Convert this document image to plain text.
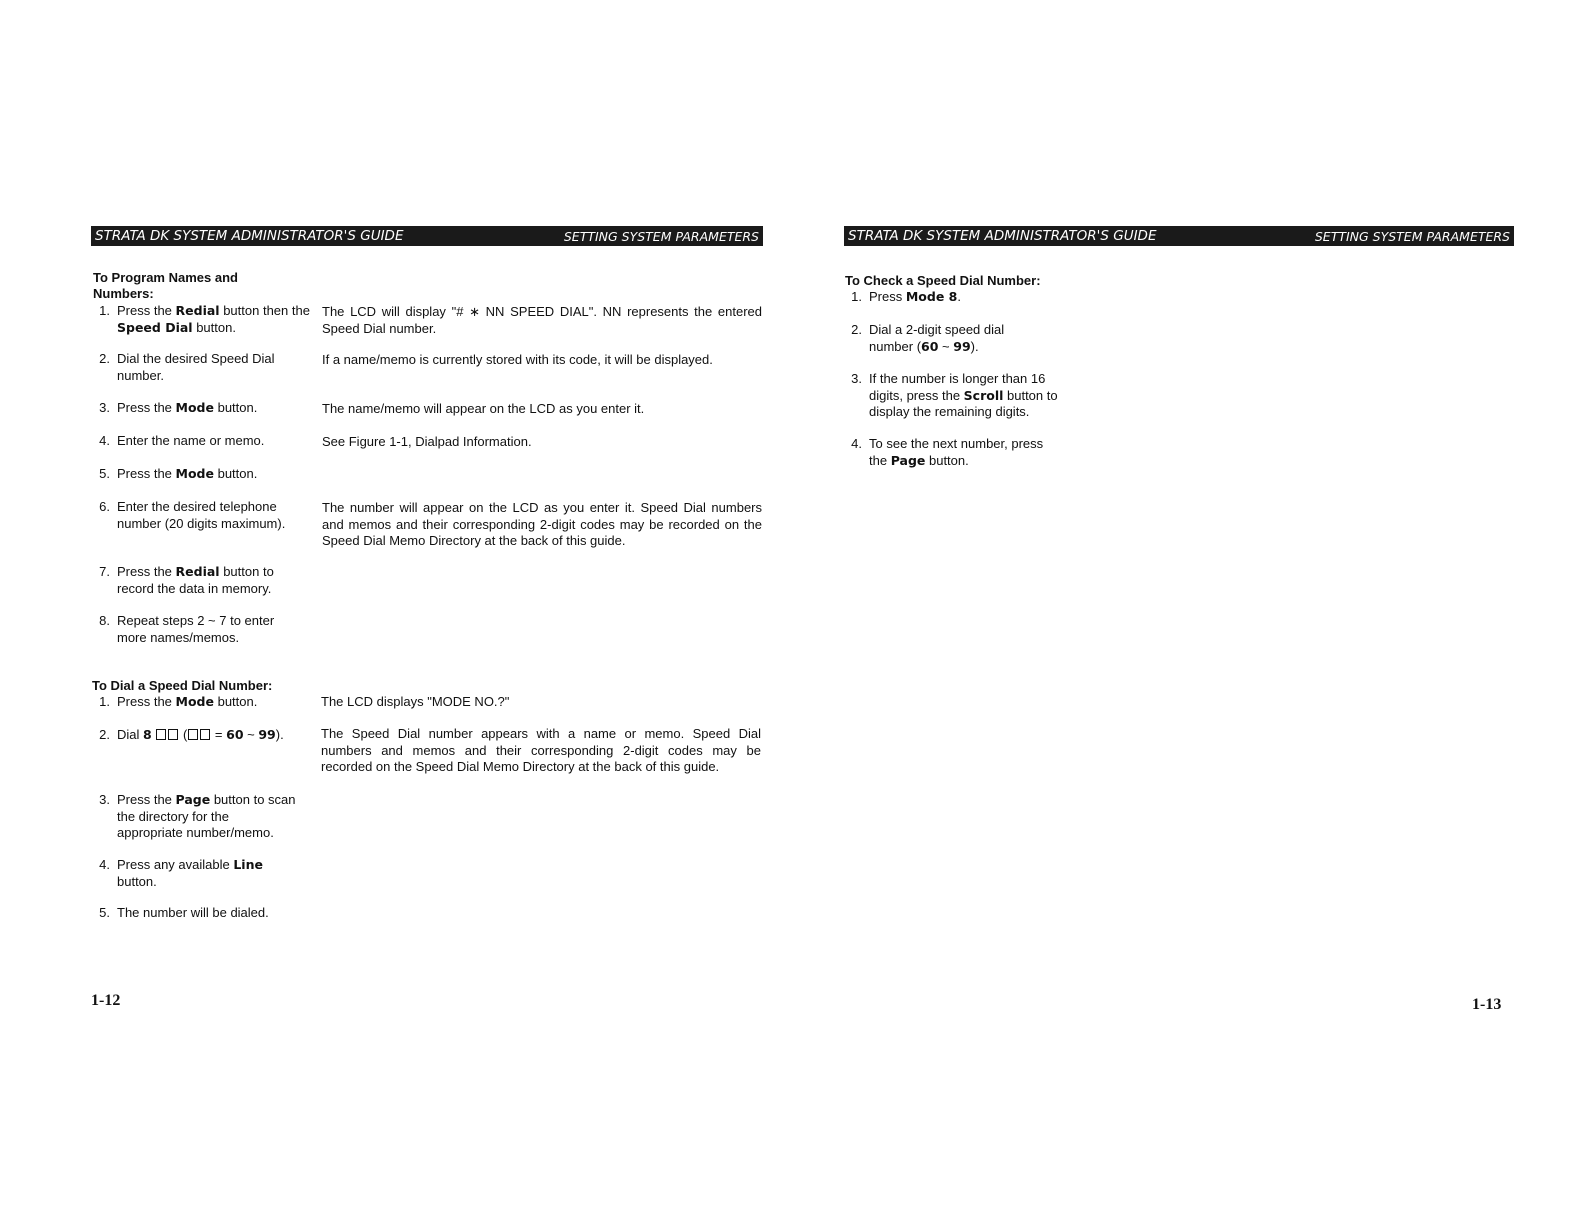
STRATA DK SYSTEM ADMINISTRATOR'S GUIDE	SETTING SYSTEM PARAMETERS
To Program Names and
Numbers:
1. Press the Redial button then the Speed Dial button.
2. Dial the desired Speed Dial number.
3. Press the Mode button.
4. Enter the name or memo.
5. Press the Mode button.
6. Enter the desired telephone number (20 digits maximum).
7. Press the Redial button to record the data in memory.
8. Repeat steps 2 ~ 7 to enter more names/memos.
The LCD will display "# ∗ NN SPEED DIAL". NN represents the entered Speed Dial number.
If a name/memo is currently stored with its code, it will be displayed.
The name/memo will appear on the LCD as you enter it.
See Figure 1-1, Dialpad Information.
The number will appear on the LCD as you enter it. Speed Dial numbers and memos and their corresponding 2-digit codes may be recorded on the Speed Dial Memo Directory at the back of this guide.
To Dial a Speed Dial Number:
1. Press the Mode button.
2. Dial 8  ( = 60 ~ 99).
3. Press the Page button to scan the directory for the appropriate number/memo.
4. Press any available Line button.
5. The number will be dialed.
The LCD displays "MODE NO.?"
The Speed Dial number appears with a name or memo. Speed Dial numbers and memos and their corresponding 2-digit codes may be recorded on the Speed Dial Memo Directory at the back of this guide.
1-12
STRATA DK SYSTEM ADMINISTRATOR'S GUIDE	SETTING SYSTEM PARAMETERS
To Check a Speed Dial Number:
1. Press Mode 8.
2. Dial a 2-digit speed dial number (60 ~ 99).
3. If the number is longer than 16 digits, press the Scroll button to display the remaining digits.
4. To see the next number, press the Page button.
1-13
